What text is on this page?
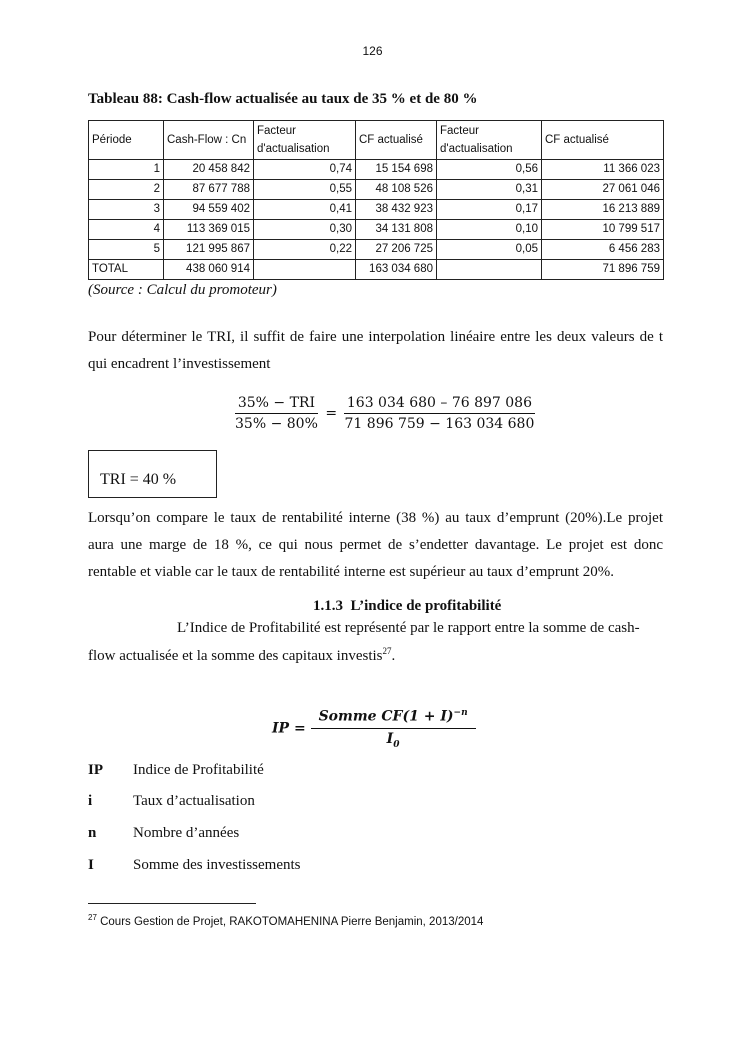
126
Tableau 88: Cash-flow actualisée au taux de 35 % et de 80 %
Période	Cash-Flow : Cn	Facteur d'actualisation	CF actualisé	Facteur d'actualisation	CF actualisé
1	20 458 842	0,74	15 154 698	0,56	11 366 023
2	87 677 788	0,55	48 108 526	0,31	27 061 046
3	94 559 402	0,41	38 432 923	0,17	16 213 889
4	113 369 015	0,30	34 131 808	0,10	10 799 517
5	121 995 867	0,22	27 206 725	0,05	6 456 283
TOTAL	438 060 914		163 034 680		71 896 759
(Source : Calcul du promoteur)
Pour déterminer le TRI, il suffit de faire une interpolation linéaire entre les deux valeurs de t
qui encadrent l’investissement
$\frac{\text{35\% − TRI}}{35\% - 80\%} = \frac{163 034 680 - 76 897 086}{71 896 759 - 163 034 680}$
TRI = 40 %
Lorsqu’on compare le taux de rentabilité interne (38 %) au taux d’emprunt (20%).Le projet
aura une marge de 18 %, ce qui nous permet de s’endetter davantage. Le projet est donc
rentable et viable car le taux de rentabilité interne est supérieur au taux d’emprunt 20%.
1.1.3 L’indice de profitabilité
L’Indice de Profitabilité est représenté par le rapport entre la somme de cash-
flow actualisée et la somme des capitaux investis$^{27}$.
IP = $\frac{Somme CF(1 + I)^{-n}}{I_0}$
IP Indice de Profitabilité
i	Taux d’actualisation
n Nombre d’années
I	Somme des investissements
$^{27}$ Cours Gestion de Projet, RAKOTOMAHENINA Pierre Benjamin, 2013/2014
